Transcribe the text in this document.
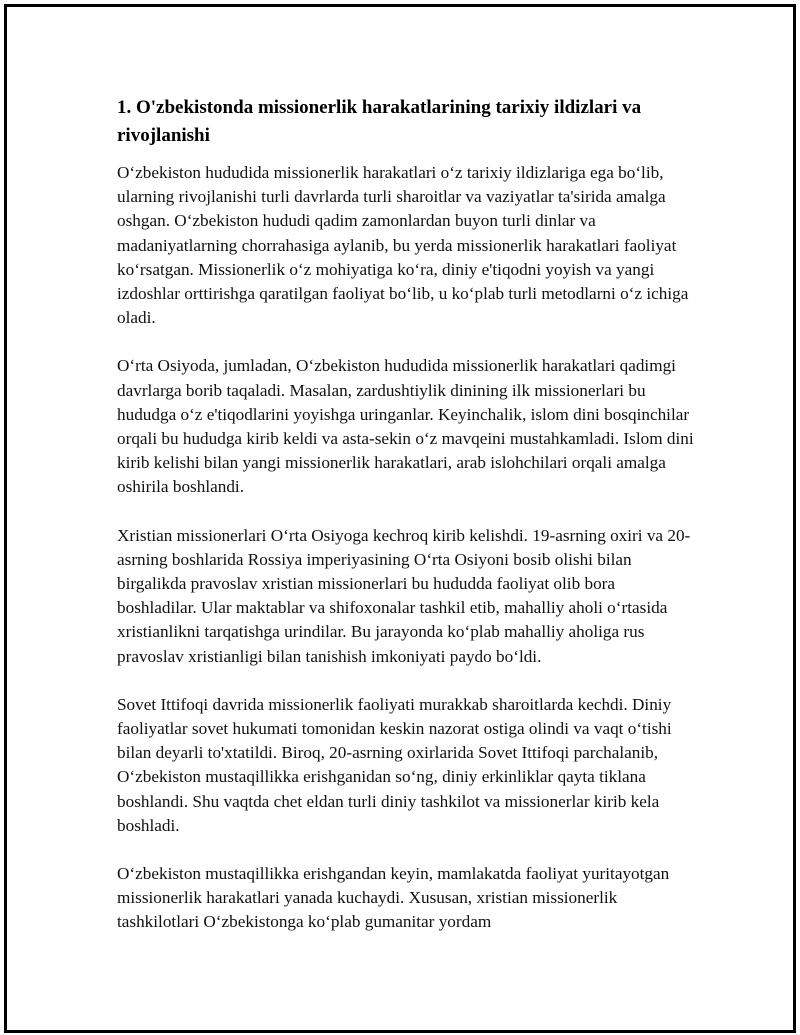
1. O'zbekistonda missionerlik harakatlarining tarixiy ildizlari va rivojlanishi

O‘zbekiston hududida missionerlik harakatlari o‘z tarixiy ildizlariga ega bo‘lib, ularning rivojlanishi turli davrlarda turli sharoitlar va vaziyatlar ta'sirida amalga oshgan. O‘zbekiston hududi qadim zamonlardan buyon turli dinlar va madaniyatlarning chorrahasiga aylanib, bu yerda missionerlik harakatlari faoliyat ko‘rsatgan. Missionerlik o‘z mohiyatiga ko‘ra, diniy e'tiqodni yoyish va yangi izdoshlar orttirishga qaratilgan faoliyat bo‘lib, u ko‘plab turli metodlarni o‘z ichiga oladi.

O‘rta Osiyoda, jumladan, O‘zbekiston hududida missionerlik harakatlari qadimgi davrlarga borib taqaladi. Masalan, zardushtiylik dinining ilk missionerlari bu hududga o‘z e'tiqodlarini yoyishga uringanlar. Keyinchalik, islom dini bosqinchilar orqali bu hududga kirib keldi va asta-sekin o‘z mavqeini mustahkamladi. Islom dini kirib kelishi bilan yangi missionerlik harakatlari, arab islohchilari orqali amalga oshirila boshlandi.

Xristian missionerlari O‘rta Osiyoga kechroq kirib kelishdi. 19-asrning oxiri va 20-asrning boshlarida Rossiya imperiyasining O‘rta Osiyoni bosib olishi bilan birgalikda pravoslav xristian missionerlari bu hududda faoliyat olib bora boshladilar. Ular maktablar va shifoxonalar tashkil etib, mahalliy aholi o‘rtasida xristianlikni tarqatishga urindilar. Bu jarayonda ko‘plab mahalliy aholiga rus pravoslav xristianligi bilan tanishish imkoniyati paydo bo‘ldi.

Sovet Ittifoqi davrida missionerlik faoliyati murakkab sharoitlarda kechdi. Diniy faoliyatlar sovet hukumati tomonidan keskin nazorat ostiga olindi va vaqt o‘tishi bilan deyarli to'xtatildi. Biroq, 20-asrning oxirlarida Sovet Ittifoqi parchalanib, O‘zbekiston mustaqillikka erishganidan so‘ng, diniy erkinliklar qayta tiklana boshlandi. Shu vaqtda chet eldan turli diniy tashkilot va missionerlar kirib kela boshladi.

O‘zbekiston mustaqillikka erishgandan keyin, mamlakatda faoliyat yuritayotgan missionerlik harakatlari yanada kuchaydi. Xususan, xristian missionerlik tashkilotlari O‘zbekistonga ko‘plab gumanitar yordam
